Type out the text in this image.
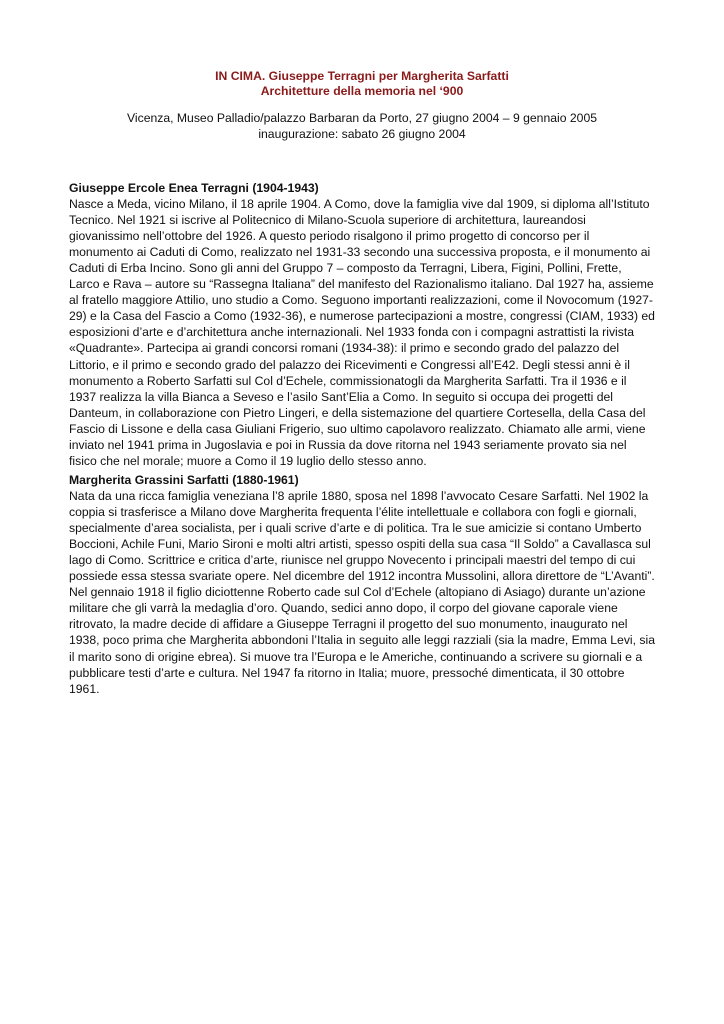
IN CIMA. Giuseppe Terragni per Margherita Sarfatti
Architetture della memoria nel ‘900
Vicenza, Museo Palladio/palazzo Barbaran da Porto, 27 giugno 2004 – 9 gennaio 2005
inaugurazione: sabato 26 giugno 2004
Giuseppe Ercole Enea Terragni (1904-1943)
Nasce a Meda, vicino Milano, il 18 aprile 1904. A Como, dove la famiglia vive dal 1909, si diploma all’Istituto
Tecnico. Nel 1921 si iscrive al Politecnico di Milano-Scuola superiore di architettura, laureandosi
giovanissimo nell’ottobre del 1926. A questo periodo risalgono il primo progetto di concorso per il
monumento ai Caduti di Como, realizzato nel 1931-33 secondo una successiva proposta, e il monumento ai
Caduti di Erba Incino. Sono gli anni del Gruppo 7 – composto da Terragni, Libera, Figini, Pollini, Frette,
Larco e Rava – autore su “Rassegna Italiana” del manifesto del Razionalismo italiano. Dal 1927 ha, assieme
al fratello maggiore Attilio, uno studio a Como. Seguono importanti realizzazioni, come il Novocomum (1927-
29) e la Casa del Fascio a Como (1932-36), e numerose partecipazioni a mostre, congressi (CIAM, 1933) ed
esposizioni d’arte e d’architettura anche internazionali. Nel 1933 fonda con i compagni astrattisti la rivista
«Quadrante». Partecipa ai grandi concorsi romani (1934-38): il primo e secondo grado del palazzo del
Littorio, e il primo e secondo grado del palazzo dei Ricevimenti e Congressi all’E42. Degli stessi anni è il
monumento a Roberto Sarfatti sul Col d’Echele, commissionatogli da Margherita Sarfatti. Tra il 1936 e il
1937 realizza la villa Bianca a Seveso e l’asilo Sant’Elia a Como. In seguito si occupa dei progetti del
Danteum, in collaborazione con Pietro Lingeri, e della sistemazione del quartiere Cortesella, della Casa del
Fascio di Lissone e della casa Giuliani Frigerio, suo ultimo capolavoro realizzato. Chiamato alle armi, viene
inviato nel 1941 prima in Jugoslavia e poi in Russia da dove ritorna nel 1943 seriamente provato sia nel
fisico che nel morale; muore a Como il 19 luglio dello stesso anno.
Margherita Grassini Sarfatti (1880-1961)
Nata da una ricca famiglia veneziana l’8 aprile 1880, sposa nel 1898 l’avvocato Cesare Sarfatti. Nel 1902 la
coppia si trasferisce a Milano dove Margherita frequenta l’élite intellettuale e collabora con fogli e giornali,
specialmente d’area socialista, per i quali scrive d’arte e di politica. Tra le sue amicizie si contano Umberto
Boccioni, Achile Funi, Mario Sironi e molti altri artisti, spesso ospiti della sua casa “Il Soldo” a Cavallasca sul
lago di Como. Scrittrice e critica d’arte, riunisce nel gruppo Novecento i principali maestri del tempo di cui
possiede essa stessa svariate opere. Nel dicembre del 1912 incontra Mussolini, allora direttore de “L’Avanti”.
Nel gennaio 1918 il figlio diciottenne Roberto cade sul Col d’Echele (altopiano di Asiago) durante un’azione
militare che gli varrà la medaglia d’oro. Quando, sedici anno dopo, il corpo del giovane caporale viene
ritrovato, la madre decide di affidare a Giuseppe Terragni il progetto del suo monumento, inaugurato nel
1938, poco prima che Margherita abbondoni l’Italia in seguito alle leggi razziali (sia la madre, Emma Levi, sia
il marito sono di origine ebrea). Si muove tra l’Europa e le Americhe, continuando a scrivere su giornali e a
pubblicare testi d’arte e cultura. Nel 1947 fa ritorno in Italia; muore, pressoché dimenticata, il 30 ottobre
1961.
